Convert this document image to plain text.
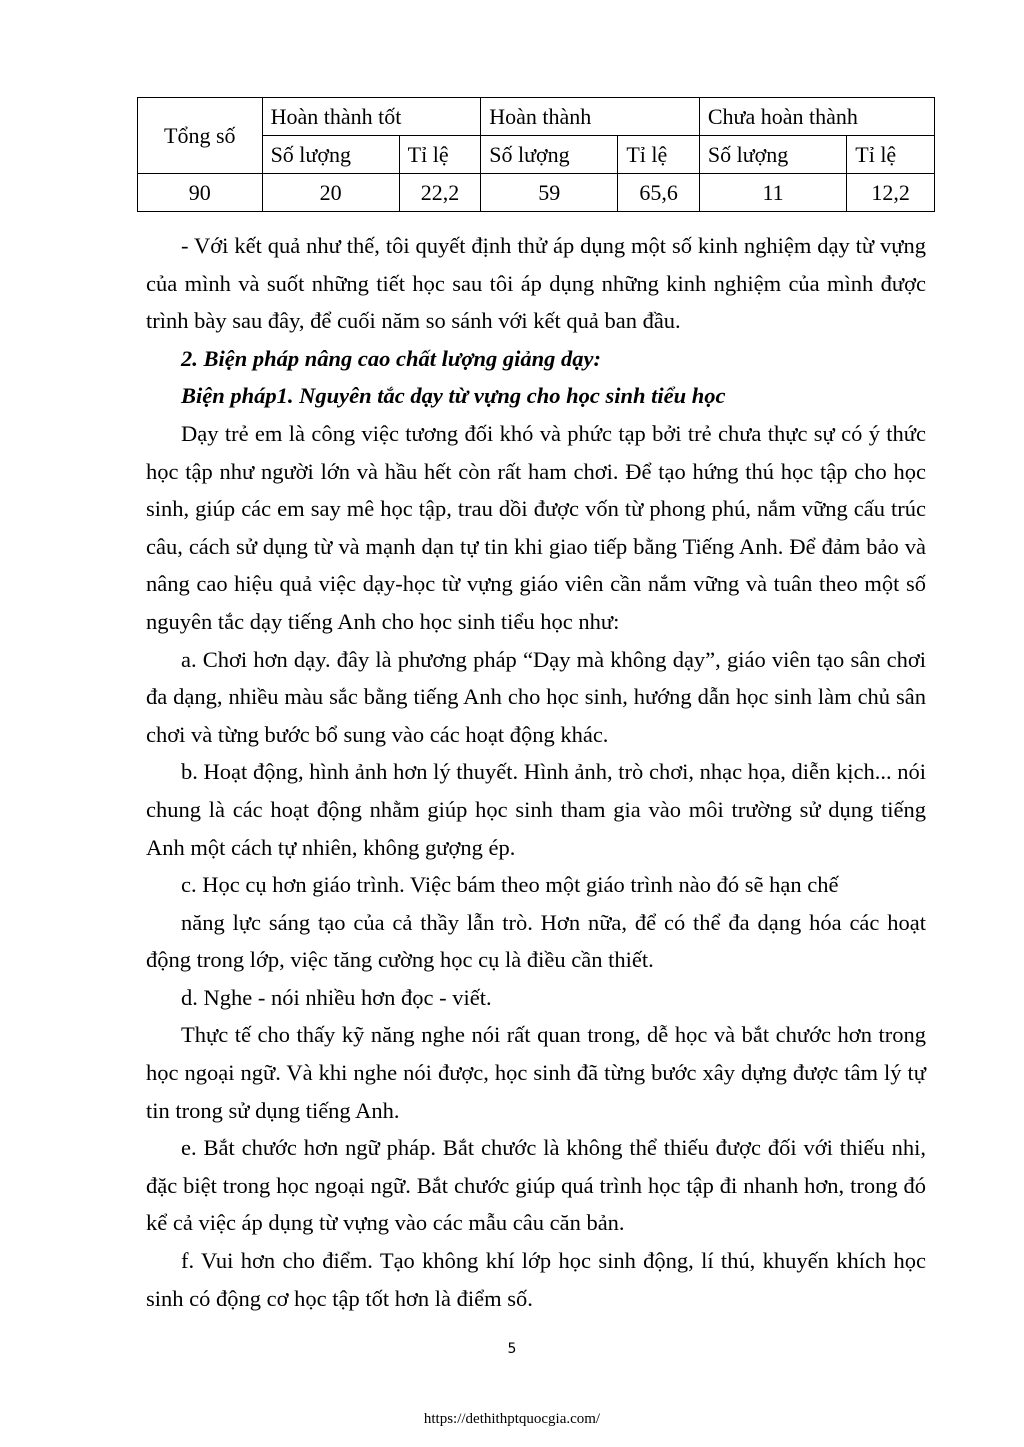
Tổng số	Hoàn thành tốt		Hoàn thành		Chưa hoàn thành	
	Số lượng	Tỉ lệ	Số lượng	Tỉ lệ	Số lượng	Tỉ lệ
90	20	22,2	59	65,6	11	12,2

- Với kết quả như thế, tôi quyết định thử áp dụng một số kinh nghiệm dạy từ vựng của mình và suốt những tiết học sau tôi áp dụng những kinh nghiệm của mình được trình bày sau đây, để cuối năm so sánh với kết quả ban đầu.

2. Biện pháp nâng cao chất lượng giảng dạy:

Biện pháp1. Nguyên tắc dạy từ vựng cho học sinh tiểu học

Dạy trẻ em là công việc tương đối khó và phức tạp bởi trẻ chưa thực sự có ý thức học tập như người lớn và hầu hết còn rất ham chơi. Để tạo hứng thú học tập cho học sinh, giúp các em say mê học tập, trau dồi được vốn từ phong phú, nắm vững cấu trúc câu, cách sử dụng từ và mạnh dạn tự tin khi giao tiếp bằng Tiếng Anh. Để đảm bảo và nâng cao hiệu quả việc dạy-học từ vựng giáo viên cần nắm vững và tuân theo một số nguyên tắc dạy tiếng Anh cho học sinh tiểu học như:

a. Chơi hơn dạy. đây là phương pháp “Dạy mà không dạy”, giáo viên tạo sân chơi đa dạng, nhiều màu sắc bằng tiếng Anh cho học sinh, hướng dẫn học sinh làm chủ sân chơi và từng bước bổ sung vào các hoạt động khác.

b. Hoạt động, hình ảnh hơn lý thuyết. Hình ảnh, trò chơi, nhạc họa, diễn kịch... nói chung là các hoạt động nhằm giúp học sinh tham gia vào môi trường sử dụng tiếng Anh một cách tự nhiên, không gượng ép.

c. Học cụ hơn giáo trình. Việc bám theo một giáo trình nào đó sẽ hạn chế

năng lực sáng tạo của cả thầy lẫn trò. Hơn nữa, để có thể đa dạng hóa các hoạt động trong lớp, việc tăng cường học cụ là điều cần thiết.

d. Nghe - nói nhiều hơn đọc - viết.

Thực tế cho thấy kỹ năng nghe nói rất quan trong, dễ học và bắt chước hơn trong học ngoại ngữ. Và khi nghe nói được, học sinh đã từng bước xây dựng được tâm lý tự tin trong sử dụng tiếng Anh.

e. Bắt chước hơn ngữ pháp. Bắt chước là không thể thiếu được đối với thiếu nhi, đặc biệt trong học ngoại ngữ. Bắt chước giúp quá trình học tập đi nhanh hơn, trong đó kể cả việc áp dụng từ vựng vào các mẫu câu căn bản.

f. Vui hơn cho điểm. Tạo không khí lớp học sinh động, lí thú, khuyến khích học sinh có động cơ học tập tốt hơn là điểm số.

5
https://dethithptquocgia.com/
